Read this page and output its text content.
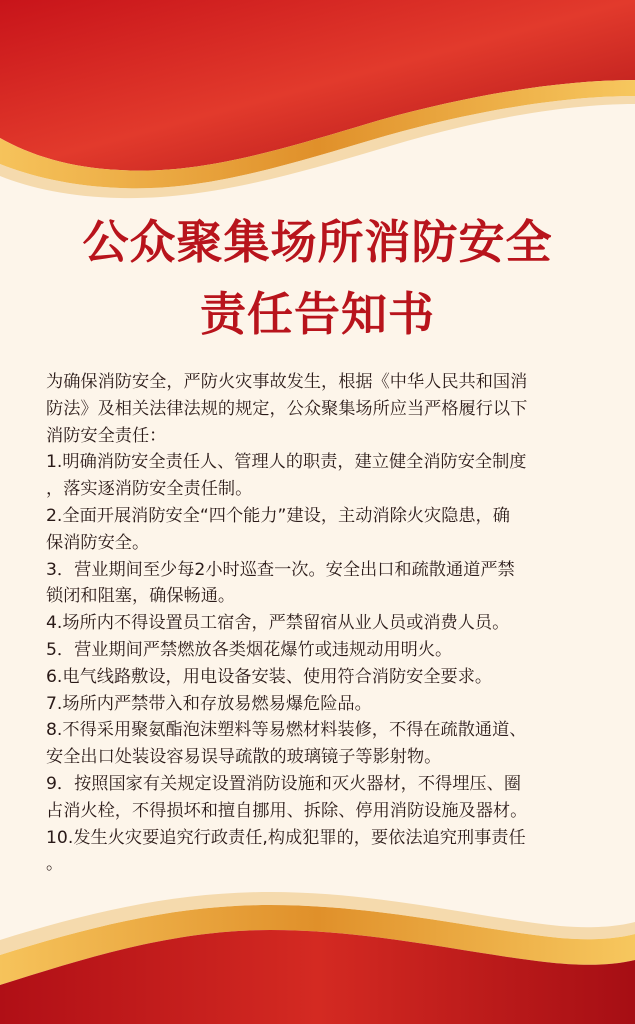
公众聚集场所消防安全
责任告知书

为确保消防安全，严防火灾事故发生，根据《中华人民共和国消

防法》及相关法律法规的规定，公众聚集场所应当严格履行以下

消防安全责任：

1.明确消防安全责任人、管理人的职责，建立健全消防安全制度

，落实逐消防安全责任制。

2.全面开展消防安全“四个能力”建设，主动消除火灾隐患，确

保消防安全。

3．营业期间至少每2小时巡查一次。安全出口和疏散通道严禁

锁闭和阻塞，确保畅通。

4.场所内不得设置员工宿舍，严禁留宿从业人员或消费人员。

5．营业期间严禁燃放各类烟花爆竹或违规动用明火。

6.电气线路敷设，用电设备安装、使用符合消防安全要求。

7.场所内严禁带入和存放易燃易爆危险品。

8.不得采用聚氨酯泡沫塑料等易燃材料装修，不得在疏散通道、

安全出口处装设容易误导疏散的玻璃镜子等影射物。

9．按照国家有关规定设置消防设施和灭火器材，不得埋压、圈

占消火栓，不得损坏和擅自挪用、拆除、停用消防设施及器材。

10.发生火灾要追究行政责任,构成犯罪的，要依法追究刑事责任

。
